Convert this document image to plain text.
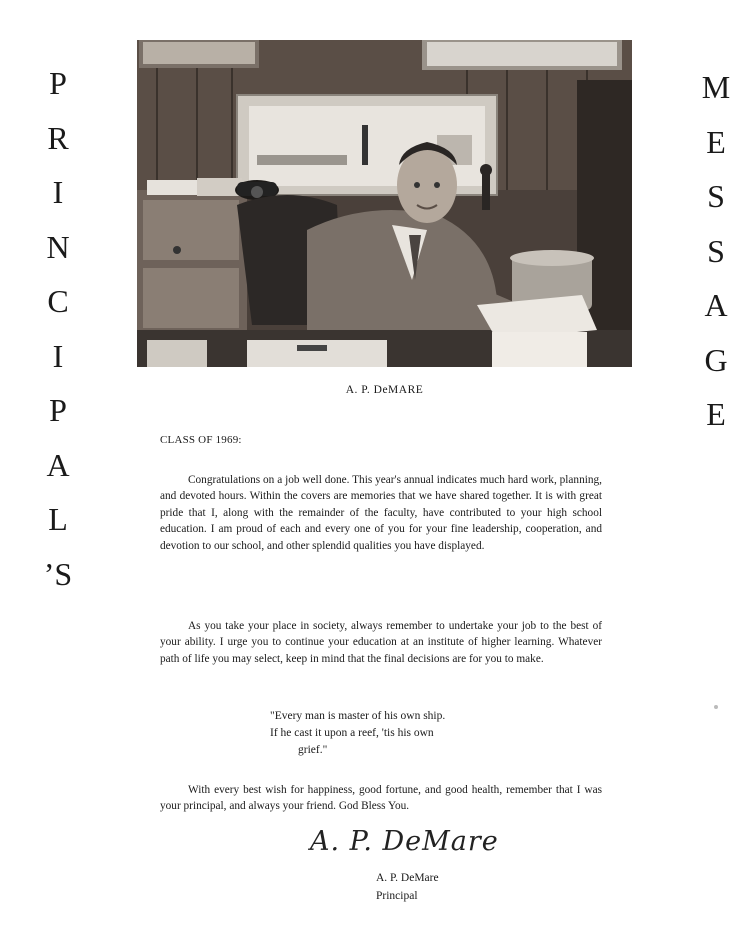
P
R
I
N
C
I
P
A
L
’S
M
E
S
S
A
G
E
A. P. DeMARE
CLASS OF 1969:
Congratulations on a job well done. This year's annual indicates much hard work, planning, and devoted hours. Within the covers are memories that we have shared together. It is with great pride that I, along with the remainder of the faculty, have contributed to your high school education. I am proud of each and every one of you for your fine leadership, cooperation, and devotion to our school, and other splendid qualities you have displayed.
As you take your place in society, always remember to undertake your job to the best of your ability. I urge you to continue your education at an institute of higher learning. Whatever path of life you may select, keep in mind that the final decisions are for you to make.
"Every man is master of his own ship.
If he cast it upon a reef, 'tis his own
grief."
With every best wish for happiness, good fortune, and good health, remember that I was your principal, and always your friend. God Bless You.
A. P. DeMare
A. P. DeMare
Principal
